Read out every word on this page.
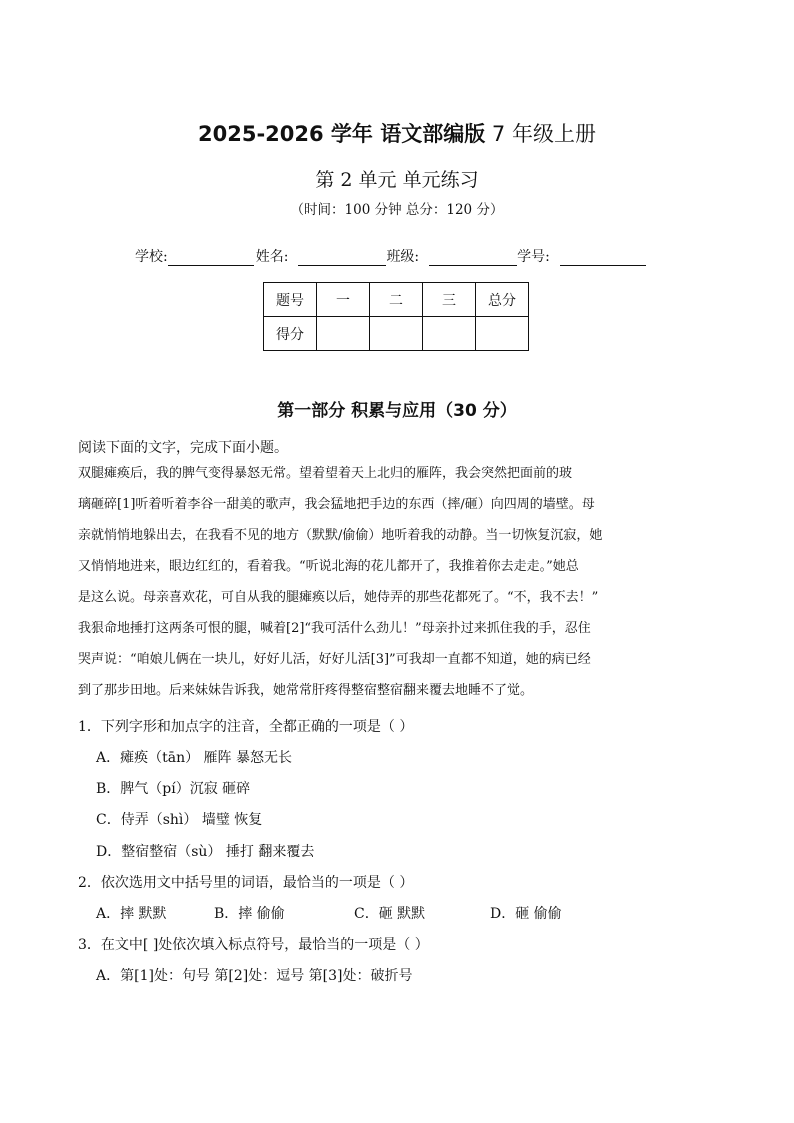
2025-2026 学年 语文部编版 7 年级上册
第 2 单元 单元练习
（时间：100 分钟 总分：120 分）
学校:	姓名:	班级:	学号:
题号	一	二	三	总分
得分				
第一部分 积累与应用（30 分）
阅读下面的文字，完成下面小题。
双腿瘫痪后，我的脾气变得暴怒无常。望着望着天上北归的雁阵，我会突然把面前的玻
璃砸碎[1]听着听着李谷一甜美的歌声，我会猛地把手边的东西（摔/砸）向四周的墙壁。母
亲就悄悄地躲出去，在我看不见的地方（默默/偷偷）地听着我的动静。当一切恢复沉寂，她
又悄悄地进来，眼边红红的，看着我。“听说北海的花儿都开了，我推着你去走走。”她总
是这么说。母亲喜欢花，可自从我的腿瘫痪以后，她侍弄的那些花都死了。“不，我不去！”
我狠命地捶打这两条可恨的腿，喊着[2]“我可活什么劲儿！”母亲扑过来抓住我的手，忍住
哭声说：“咱娘儿俩在一块儿，好好儿活，好好儿活[3]”可我却一直都不知道，她的病已经
到了那步田地。后来妹妹告诉我，她常常肝疼得整宿整宿翻来覆去地睡不了觉。
1．下列字形和加点字的注音，全都正确的一项是（ ）
A．瘫痪（tān） 雁阵 暴怒无长
B．脾气（pí）沉寂 砸碎
C．侍弄（shì） 墙璧 恢复
D．整宿整宿（sù） 捶打 翻来覆去
2．依次选用文中括号里的词语，最恰当的一项是（ ）
A．摔 默默	B．摔 偷偷	C．砸 默默	D．砸 偷偷
3．在文中[ ]处依次填入标点符号，最恰当的一项是（ ）
A．第[1]处：句号 第[2]处：逗号 第[3]处：破折号
